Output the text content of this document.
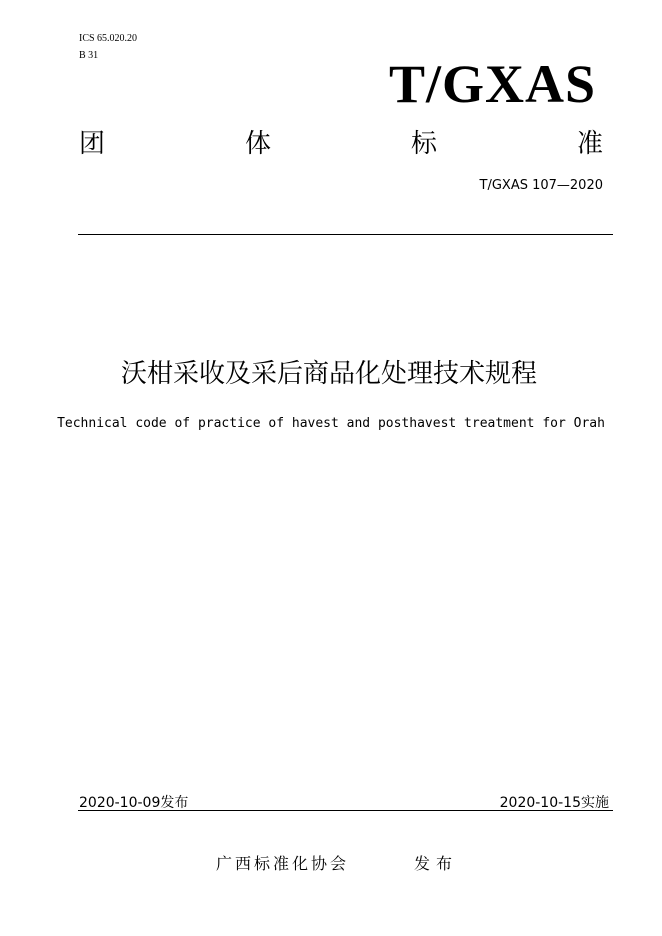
ICS 65.020.20
B 31	T/GXAS
团	体	标	准
T/GXAS 107—2020
沃柑采收及采后商品化处理技术规程
Technical code of practice of havest and posthavest treatment for Orah
2020-10-09发布	2020-10-15实施
广西标准化协会	发布
